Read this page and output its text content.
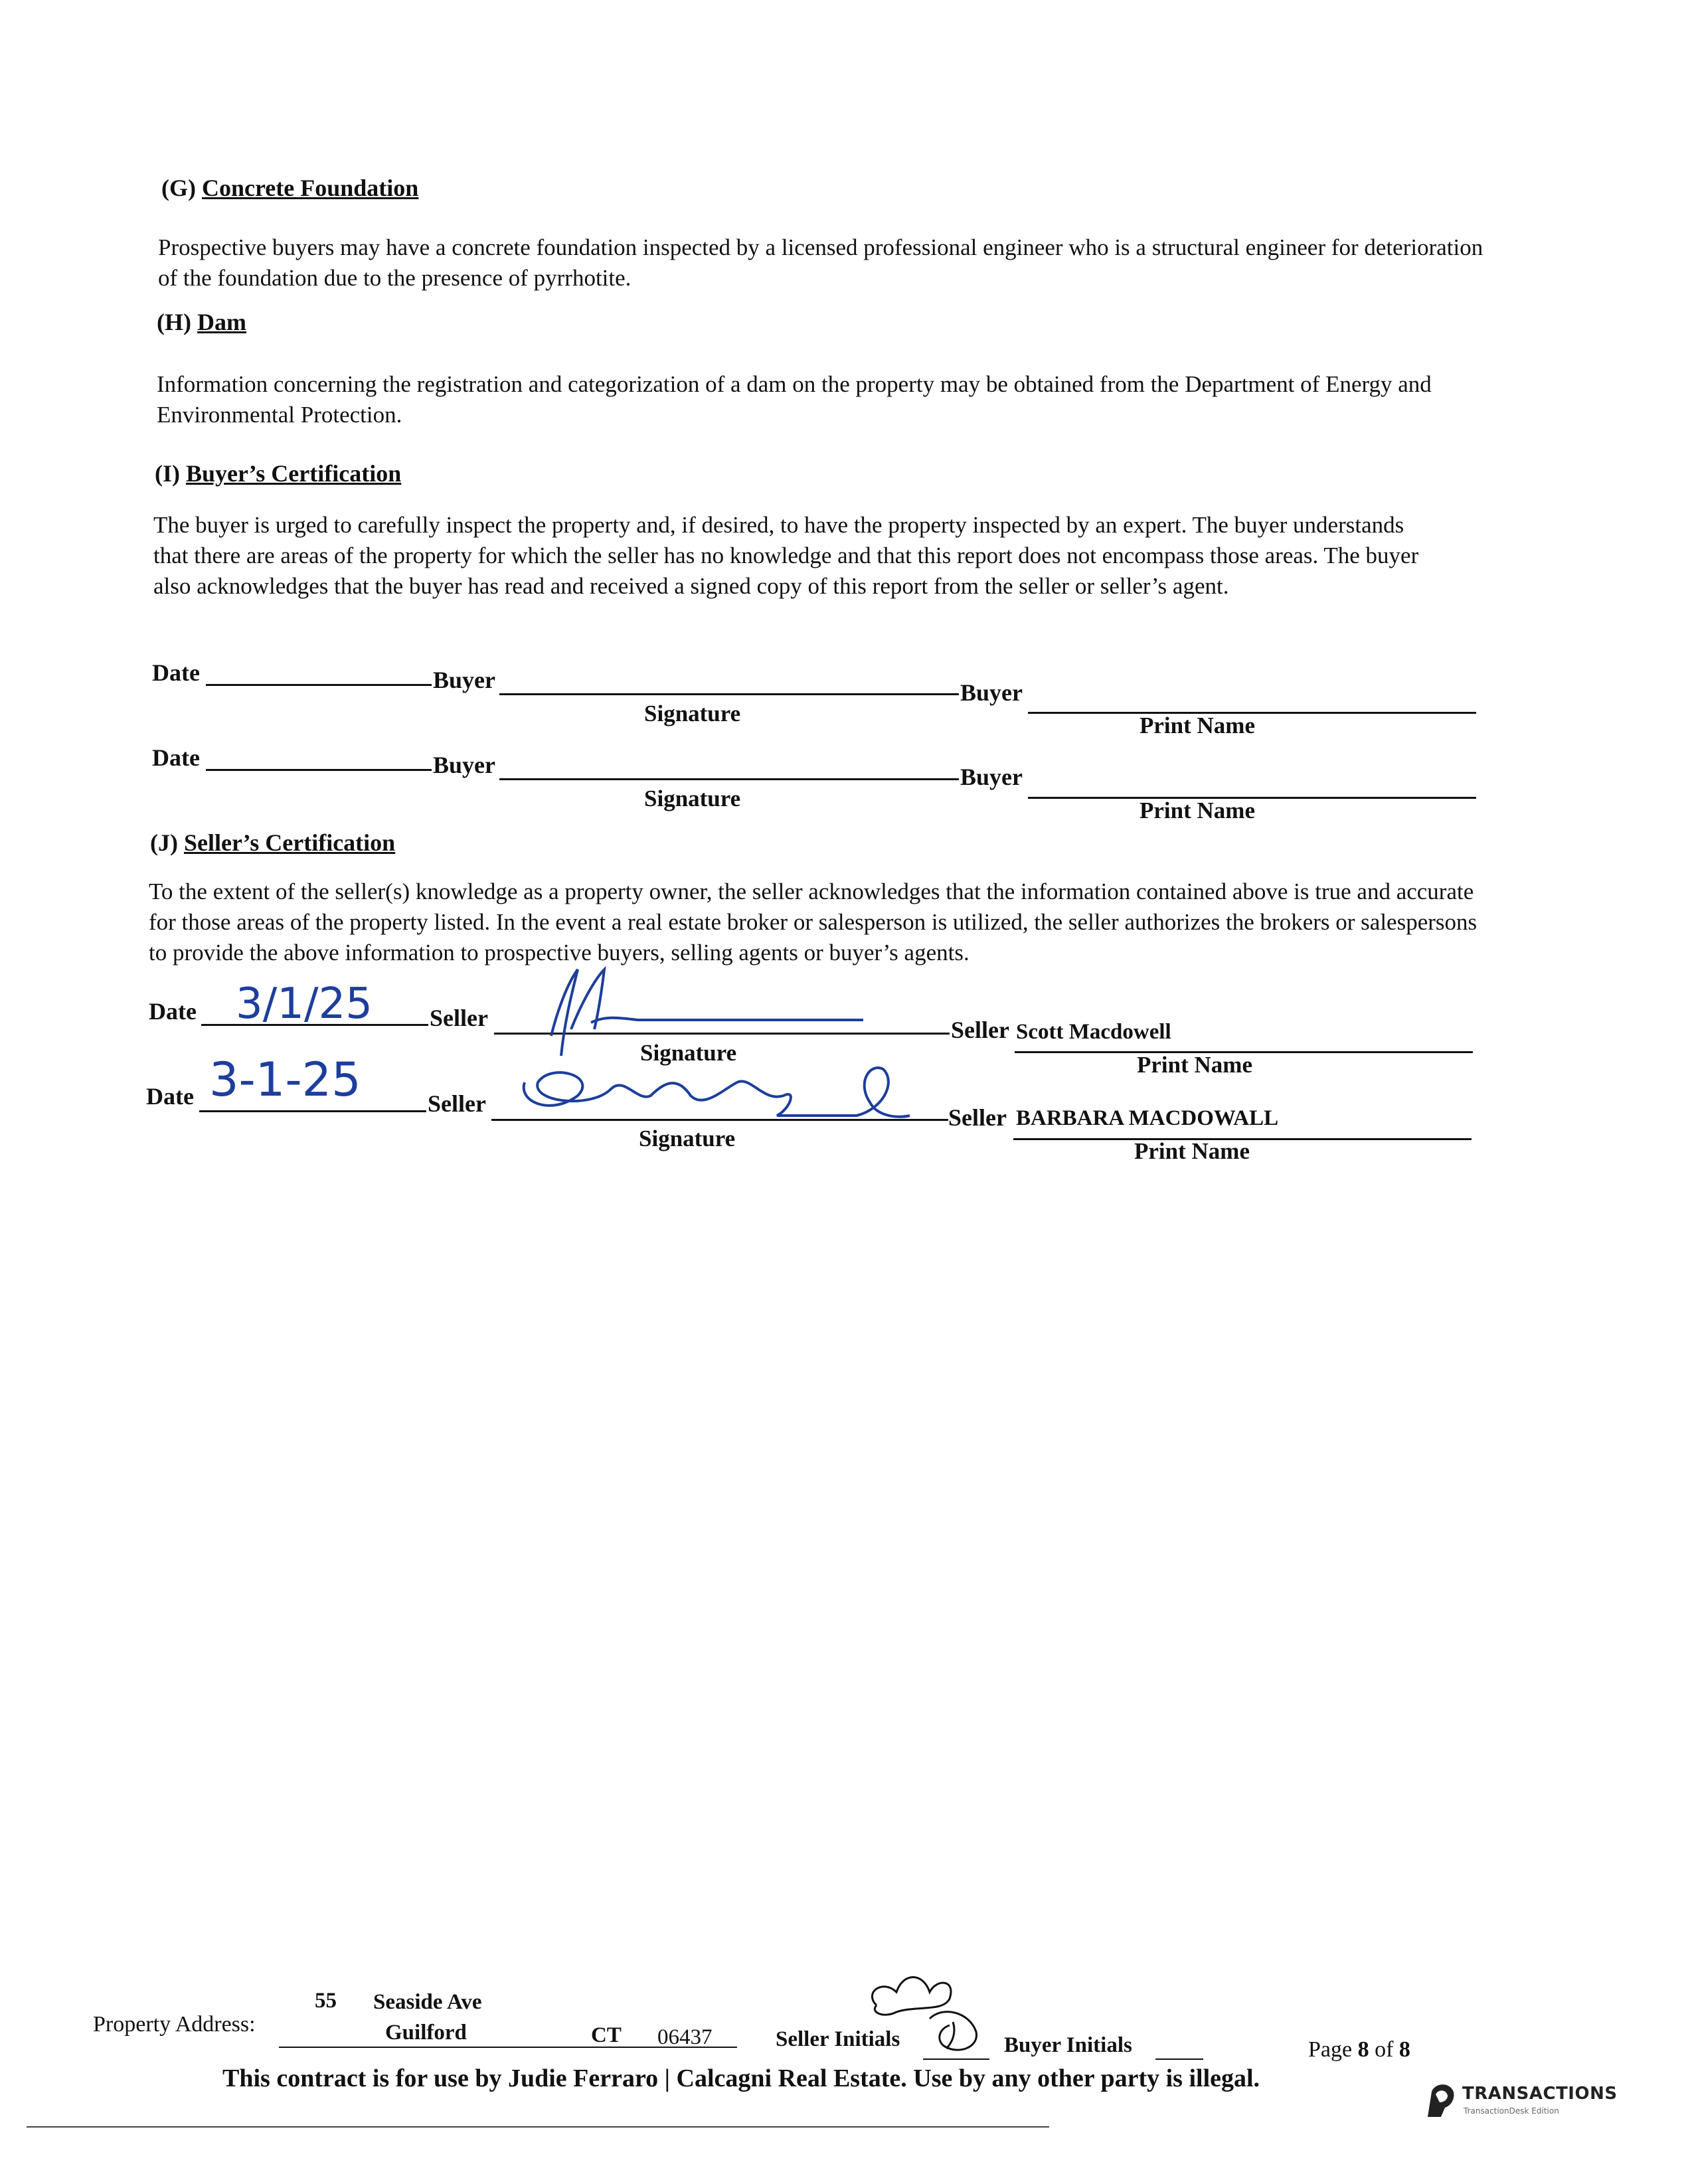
(G) Concrete Foundation
Prospective buyers may have a concrete foundation inspected by a licensed professional engineer who is a structural engineer for deterioration of the foundation due to the presence of pyrrhotite.
(H) Dam
Information concerning the registration and categorization of a dam on the property may be obtained from the Department of Energy and Environmental Protection.
(I) Buyer’s Certification
The buyer is urged to carefully inspect the property and, if desired, to have the property inspected by an expert. The buyer understands that there are areas of the property for which the seller has no knowledge and that this report does not encompass those areas. The buyer also acknowledges that the buyer has read and received a signed copy of this report from the seller or seller’s agent.
Date	Buyer
Signature
Buyer
Print Name
Date	Buyer
Signature
Buyer
Print Name
(J) Seller’s Certification
To the extent of the seller(s) knowledge as a property owner, the seller acknowledges that the information contained above is true and accurate for those areas of the property listed. In the event a real estate broker or salesperson is utilized, the seller authorizes the brokers or salespersons to provide the above information to prospective buyers, selling agents or buyer’s agents.
Date 3/1/25 Seller
Signature
Seller Scott Macdowell
Print Name
Date 3-1-25	Seller
Signature
Seller BARBARA MACDOWALL
Print Name
Property Address:
55 Seaside Ave
Guilford	CT 06437	Seller Initials	Buyer Initials	Page 8 of 8
This contract is for use by Judie Ferraro | Calcagni Real Estate. Use by any other party is illegal.
TRANSACTIONS
TransactionDesk Edition
